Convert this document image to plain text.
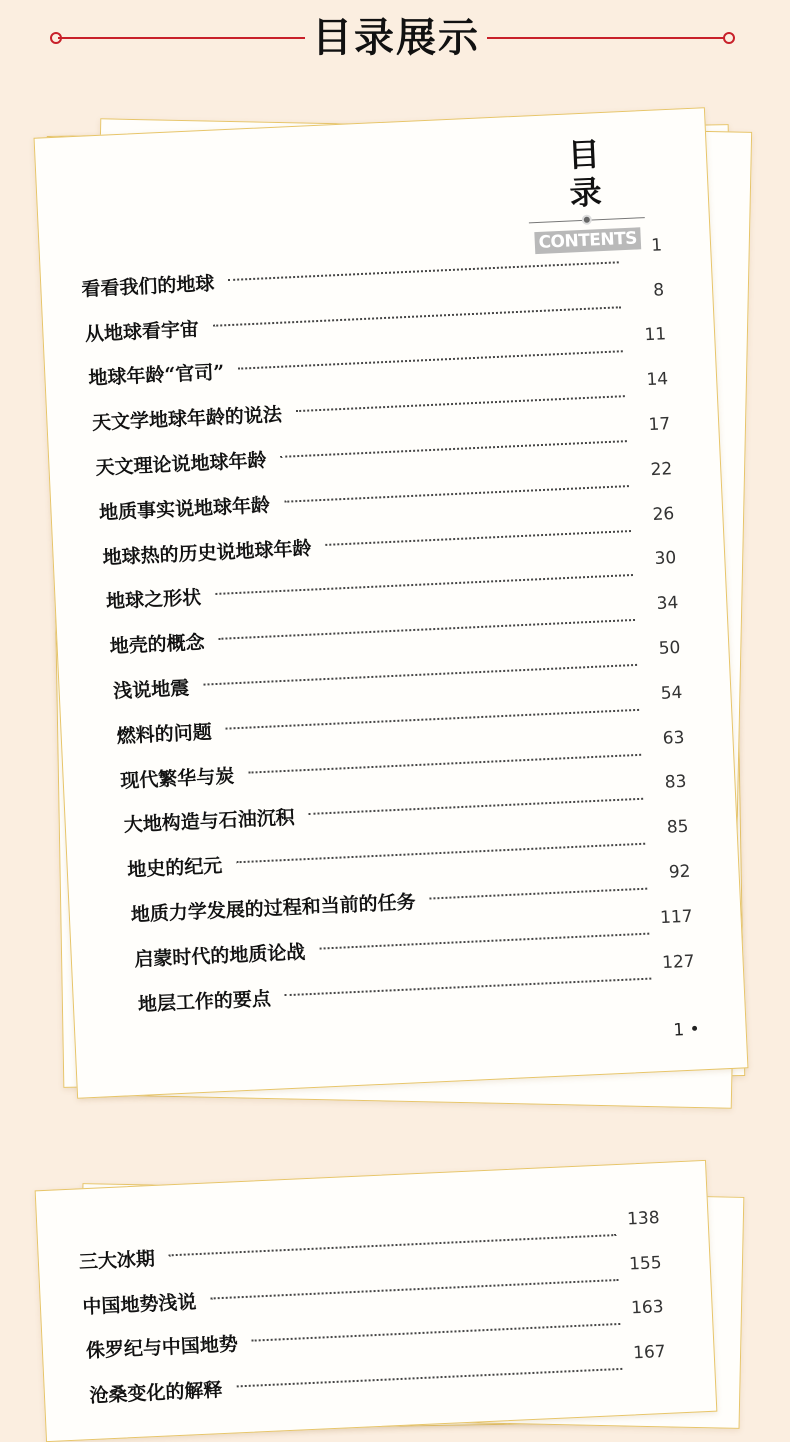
目录展示
目 录
CONTENTS
看看我们的地球
1
从地球看宇宙
8
地球年龄“官司”
11
天文学地球年龄的说法
14
天文理论说地球年龄
17
地质事实说地球年龄
22
地球热的历史说地球年龄
26
地球之形状
30
地壳的概念
34
浅说地震
50
燃料的问题
54
现代繁华与炭
63
大地构造与石油沉积
83
地史的纪元
85
地质力学发展的过程和当前的任务
92
启蒙时代的地质论战
117
地层工作的要点
127
1 •
三大冰期
138
中国地势浅说
155
侏罗纪与中国地势
163
沧桑变化的解释
167
